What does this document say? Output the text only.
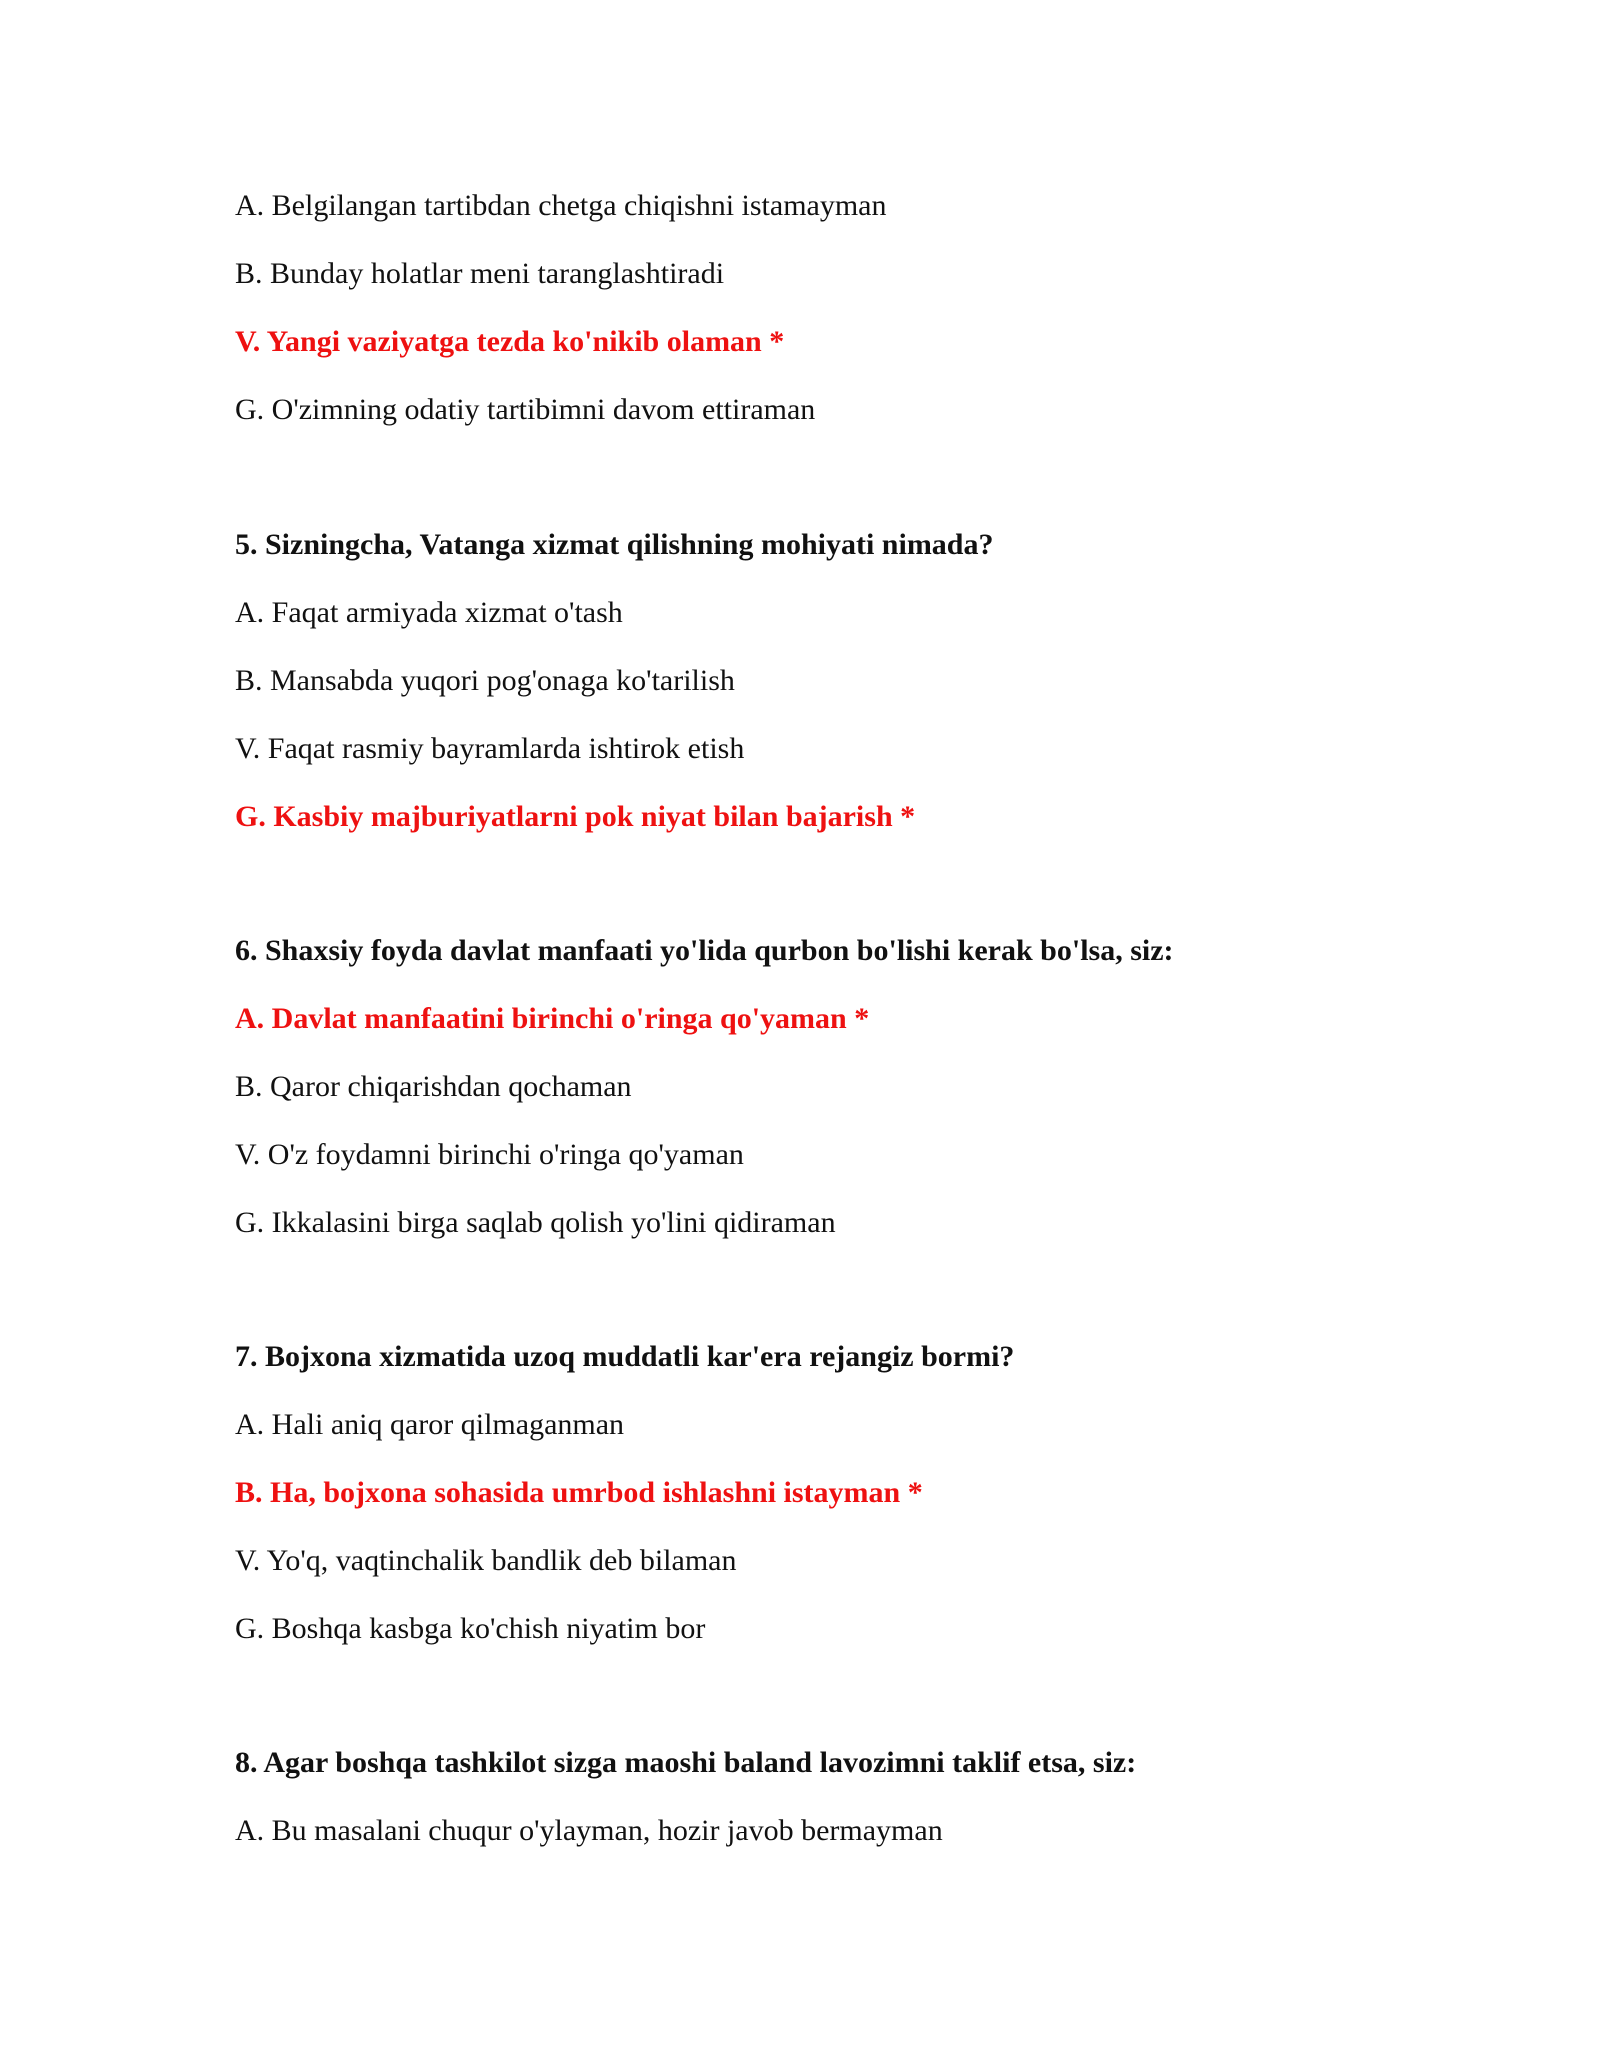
A. Belgilangan tartibdan chetga chiqishni istamayman
B. Bunday holatlar meni taranglashtiradi
V. Yangi vaziyatga tezda ko'nikib olaman *
G. O'zimning odatiy tartibimni davom ettiraman
5. Sizningcha, Vatanga xizmat qilishning mohiyati nimada?
A. Faqat armiyada xizmat o'tash
B. Mansabda yuqori pog'onaga ko'tarilish
V. Faqat rasmiy bayramlarda ishtirok etish
G. Kasbiy majburiyatlarni pok niyat bilan bajarish *
6. Shaxsiy foyda davlat manfaati yo'lida qurbon bo'lishi kerak bo'lsa, siz:
A. Davlat manfaatini birinchi o'ringa qo'yaman *
B. Qaror chiqarishdan qochaman
V. O'z foydamni birinchi o'ringa qo'yaman
G. Ikkalasini birga saqlab qolish yo'lini qidiraman
7. Bojxona xizmatida uzoq muddatli kar'era rejangiz bormi?
A. Hali aniq qaror qilmaganman
B. Ha, bojxona sohasida umrbod ishlashni istayman *
V. Yo'q, vaqtinchalik bandlik deb bilaman
G. Boshqa kasbga ko'chish niyatim bor
8. Agar boshqa tashkilot sizga maoshi baland lavozimni taklif etsa, siz:
A. Bu masalani chuqur o'ylayman, hozir javob bermayman
